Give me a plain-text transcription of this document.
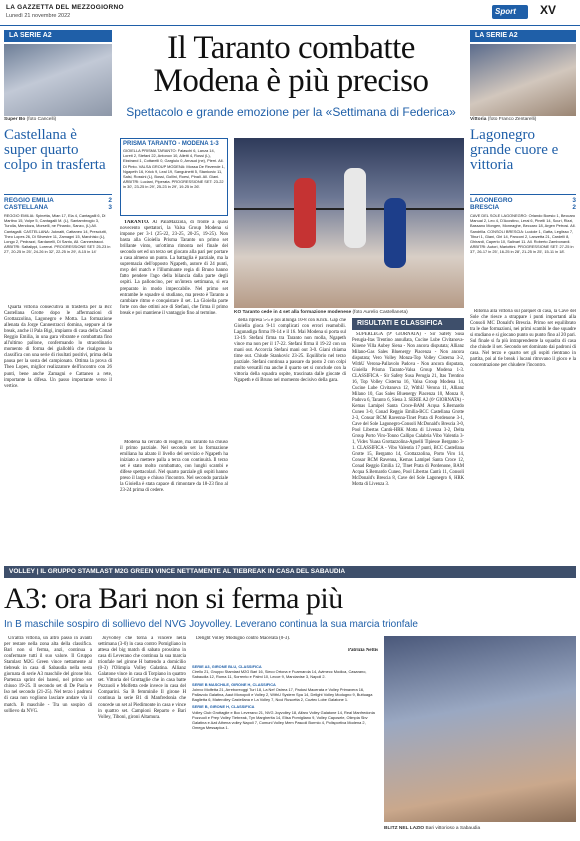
LA GAZZETTA DEL MEZZOGIORNO
Lunedì 21 novembre 2022	Sport	XV
LA SERIE A2
Super Bo (foto Cancelli)
Castellana è super quarto colpo in trasferta
REGGIO EMILIA	2
CASTELLANA	3
REGGIO EMILIA: Spinetta, Mian 17, Ela 4, Cantagalli 6, Di Martino 15, Volpe 5, Cantagalli M. (L), Santambrogio 3, Turolla, Mendoza, Morselli, ne Pinardo, Sanzo, (L) All. Cantagalli. CASTELLANA: Juknaiti, Cattaneo 14, Presciutti, Theo Lopes 26, Di Silvestre 11, Zamagni 15, Marchisio (L), Longo 2, Pedrazzi, Sardanelli, Di Santo, All. Cannestracci. ARBITRI: Saltalippi, Lorenzi. PROGRESSIONE SET: 25-23 in 27', 20-25 in 25', 24-26 in 32', 22-25 in 29', 8-15 in 14'

Quarta vittoria consecutiva in trasferta per la Bcc Castellana Grotte dopo le affermazioni di Grottazzolina, Lagonegro e Motta. La formazione allenata da Jorge Cannestracci domina, seppure al tie break, anche il Pala Bigi, impianto di casa della Conad Reggio Emilia, in una gara vibrante e combattuta fino all'ultimo pallone, confermando lo straordinario momento di forma dei gialloblù che risalgono la classifica con una serie di risultati positivi, prima della pausa per la sosta del campionato. Ottima la prova di Theo Lopes, miglior realizzatore dell'incontro con 26 punti, bene anche Zamagni e Cattaneo a rete, importante la difesa. Un passo importante verso il vertice.

Il Taranto combatte Modena è più preciso
Spettacolo e grande emozione per la «Settimana di Federica»
PRISMA TARANTO - MODENA 1-3
GIOIELLA PRISMA TARANTO: Falaschi 6, Lanza 14, Loreti 2, Stefani 22, Antonov 10, Alletti 4, Rossi (L), Ekstrand 1, Cottarelli 0, Gargiulo 0, Arnaud (ne), Pierri. All. Di Pinto. VALSA GROUP MODENA: Mossa De Rezende 1, Ngapeth 16, Krick 9, Leal 19, Sanguinetti 5, Stankovic 11, Salsi, Rossini (L), Bossi, Gollini, Roesi, Pinali. All. Giani. ARBITRI: Luciani, Piperata. PROGRESSIONE SET: 23-22 in 30', 23-25 in 29', 25-23 in 29', 19-25 in 26'.
KO Taranto cede in 4 set alla formazione modenese (foto Aurelio Castellaneta)

TARANTO. Al PalaMazzola, di fronte a quasi novecento spettatori, la Valsa Group Modena si impone per 3-1 (25-22, 23-25, 20-25, 19-25). Non basta alla Gioiella Prisma Taranto un primo set brillante vinto, un'ottima rimonta nel finale del secondo set ed un terzo set giocato alla pari per portare a casa almeno un punto. La battaglia è parziale, ma la supremazia dell'opposto Ngapeth, autore di 24 punti, mvp del match e l'illuminante regia di Bruno hanno fatto pendere l'ago della bilancia dalla parte degli ospiti. La palloncino, per un'intera settimana, si era preparato in modo impeccabile. Nel primo set entrambe le squadre si studiano, ma presto è Taranto a cambiare ritmo e conquistare il set. La Gioiella parte forte con due ottimi ace di Stefani, che firma il primo break e poi mantiene il vantaggio fino al termine.

Modena ha cercato di reagire, ma Taranto ha chiuso il primo parziale. Nel secondo set la formazione emiliana ha alzato il livello del servizio e Ngapeth ha iniziato a mettere palla a terra con continuità. Il terzo set è stato molto combattuto, con lunghi scambi e difese spettacolari. Nel quarto parziale gli ospiti hanno preso il largo e chiuso l'incontro. Nel secondo parziale la Gioiella è stata capace di rimontare da 18-23 fino al 23-24 prima di cedere.

della ripresa 5-5 e poi allunga 10-8 con Krick. Gap che Gioiella gioca 9-11 complicati con errori reamobili. Lagunadiga firma l'8-14 e il 16. Mai Modena si porta sul 13-19. Stefani firma tra Taranto non molla, Ngapeth vince ma non per il 17-22. Stefani firma il 19-22 con un mani out. Accorcia Stefani mani out 3-0. Giani chiama time out. Chiude Stankovic 23-25. Equilibrio nel terzo parziale. Stefani continua a passare da posto 2 con colpi molto versatili ma anche il quarto set si conclude con la vittoria della squadra ospite, trascinata dalle giocate di Ngapeth e di Bruno nel momento decisivo della gara.

RISULTATI E CLASSIFICA

SUPERLEGA (9ª GIORNATA) - Sir Safety Susa Perugia-Itas Trentino annullata, Cucine Lube Civitanova-Kioene Villa Aubey Siena - Non ancora disputata; Allianz Milano-Gas Sales Bluenergy Piacenza - Non ancora disputata; Vero Volley Monza-Top Volley Cisterna 3-2, WithU Verona-Pallavolo Padova - Non ancora disputata, Gioiella Prisma Taranto-Valsa Group Modena 1-3. CLASSIFICA - Sir Safety Susa Perugia 21, Itas Trentino 16, Top Volley Cisterna 16, Valsa Group Modena 14, Cucine Lube Civitanova 12, WithU Verona 11, Allianz Milano 10, Gas Sales Bluenergy Piacenza 10, Monza 8, Padova 6, Taranto 6, Siena 3. SERIE A2 (6ª GIORNATA) - Kemas Lamipel Santa Croce-BAM Acqua S.Bernardo Cuneo 3-0, Conad Reggio Emilia-BCC Castellana Grotte 2-3, Consar RCM Ravenna-Tinet Prata di Pordenone 3-1, Cave del Sole Lagonegro-Consoli McDonald's Brescia 3-0, Pool Libertas Cantù-HRK Motta di Livenza 3-2, Delta Group Porto Viro-Tonno Callipo Calabria Vibo Valentia 3-1, Videx Yuasa Grottazzolina-Agnelli Tipiesse Bergamo 3-1. CLASSIFICA - Vibo Valentia 17 punti, BCC Castellana Grotte 15, Bergamo 14, Grottazzolina, Porto Viro 14, Consar RCM Ravenna, Kemas Lamipel Santa Croce 12, Conad Reggio Emilia 12, Tinet Prata di Pordenone, BAM Acqua S.Bernardo Cuneo, Pool Libertas Cantù 11, Consoli McDonald's Brescia 8, Cave del Sole Lagonegro 6, HRK Motta di Livenza 3.

LA SERIE A2
Vittoria (foto Franco Zentarelli)
Lagonegro grande cuore e vittoria
LAGONEGRO	3
BRESCIA	2
CAVE DEL SOLE LAGONEGRO: Orlando Boesio 1, Beccaro Manual 2, Leo 4, D'Acostino, Lerai 6, Pinelli 14, Scuri, Rizzi, Bassano Mongen, Moneaghe, Beccaro 18, Argen Petrosi. All. Sandrilla. CONSOLI BRESCIA: Luciole 1, Gatta, Leglisso 7, Tiburi 1, Giani, Giri 14, Panconi 2, Lanzetta 21, Cardelli 8, Ghirardi, Caperlo 10, Salinari 11. All. Roberto Zambonardi. ARBITRI: Autori, Mariottini. PROGRESSIONE SET: 27-25 in 37', 26-17 in 25', 16-25 in 28', 21-25 in 25', 15-11 in 18'.

Ritorna alla vittoria sul parquet di casa, la Cave del Sole che riesce a strappare i punti importanti alla Consoli MC Donald's Brescia. Primo set equilibrato tra le due formazioni, nei primi scambi le due squadre si studiano e si giocano punto su punto fino al 20 pari. Sul finale si fa più intraprendente la squadra di casa che chiude il set. Secondo set dominato dai padroni di casa. Nel terzo e quarto set gli ospiti rientrano in partita, poi al tie break i lucani ritrovano il gioco e la concentrazione per chiudere l'incontro.

VOLLEY | IL GRUPPO STAMLAST M2G GREEN VINCE NETTAMENTE AL TIEBREAK IN CASA DEL SABAUDIA
A3: ora Bari non si ferma più
In B maschile sospiro di sollievo del NVG Joyvolley. Leverano continua la sua marcia trionfale

Un'altra vittoria, un altro passo in avanti per restare nella zona alta della classifica. Bari non si ferma, anzi, continua a confermare tutti il suo valore. Il Gruppo Stamlast M2G Green vince nettamente al tiebreak in casa di Sabaudia nella sesta giornata di serie A3 maschile del girone blu. Partenza sprint dei baresi, nel primo set chiuso 19-25. Il secondo set di De Paola e Iso nel secondo (21-25). Nel terzo i padroni di casa non vogliono lasciare andare via il match. B maschile - Tra un sospiro di sollievo da NVG.

Joyvolley che torna a vincere nella settimana (3-0) in casa contro Pomigliano in attesa del big match di sabato prossimo in casa di Leverano che continua la sua marcia trionfale nel girone H battendo a domicilio (0-3) l'Olimpia Volley Galatina. Allianz Galatone vince in casa di Torpiano in quattro set. Vittoria del Grottaglie che in casa batte Pozzuoli e Molfetta cede invece in casa del Comparini. Sa B femminile Il girone H continua la serie B1 di Manfredonia che concede un set al Piedimonte in casa e vince in quattro set. Campioni Reparto e Bari Volley, Tiboni, gironi Altamura.

Delight Volley Modugno contro Macerata (0-3).

Patrizia Nettis
SERIE A3, GIRONE BLU, CLASSIFICA
Cirello 21, Gruppo Stamlast M2G Bari 16, Sieco Ortona e Fuarnarola 14, Avimecc Modica, Casarano, Sabaudia 12, Roma 11, Sorrento e Palmi 10, Lecce 9, Marcianise 3, Napoli 2.
SERIE B MASCHILE, GIRONE H, CLASSIFICA
Joinvo Molfetta 21, Arreboreoggi Turi 18, La Nef Ostrea 17, Padosi Macerata e Volley Primavera 16, Pallavolo Galatina, Aaut Monopoli e Volley 2, WithU System Spa 14, Delight Volley Modugno 9, Buttuaga Baglietta 6, Materolley Castellana e La Volley 7, Noci Ruscetta 2, Coztec Lobe Galatone 1.
SERIE B, GIRONE H, CLASSIFICA
Volley Club Grottaglie e Bcc Leverano 21, NVG Joyvolley 18, Alfaro Volley Galatone 14, Real Manfredonia Pozzuoli e Prep Volley Tiebreak, Tyn Margherita 14, Elisa Pomigliano 9, Volley Caposele, Olimpia Sbv Galatina e Azd Athena volley Napoli 7, Comuni Volley Mem Pascoli Bormio 4, Polisportiva Modena 2, Omega Messapica 1.
BLITZ NEL LAZIO Bari vittorioso a Sabaudia
